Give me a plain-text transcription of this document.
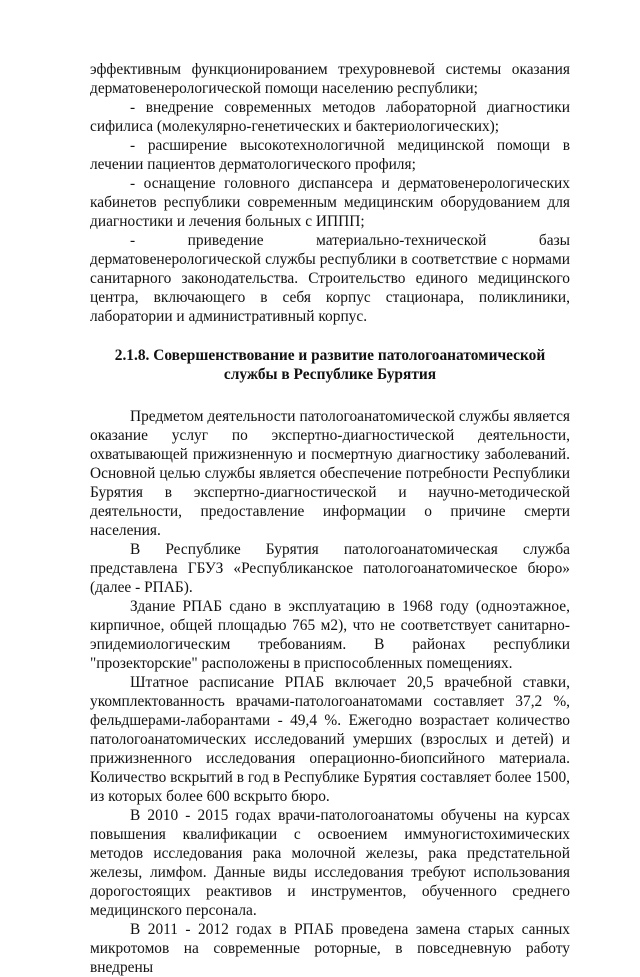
эффективным функционированием трехуровневой системы оказания дерматовенерологической помощи населению республики;

- внедрение современных методов лабораторной диагностики сифилиса (молекулярно-генетических и бактериологических);

- расширение высокотехнологичной медицинской помощи в лечении пациентов дерматологического профиля;

- оснащение головного диспансера и дерматовенерологических кабинетов республики современным медицинским оборудованием для диагностики и лечения больных с ИППП;

- приведение материально-технической базы дерматовенерологической службы республики в соответствие с нормами санитарного законодательства. Строительство единого медицинского центра, включающего в себя корпус стационара, поликлиники, лаборатории и административный корпус.

2.1.8. Совершенствование и развитие патологоанатомической
службы в Республике Бурятия

Предметом деятельности патологоанатомической службы является оказание услуг по экспертно-диагностической деятельности, охватывающей прижизненную и посмертную диагностику заболеваний. Основной целью службы является обеспечение потребности Республики Бурятия в экспертно-диагностической и научно-методической деятельности, предоставление информации о причине смерти населения.

В Республике Бурятия патологоанатомическая служба представлена ГБУЗ «Республиканское патологоанатомическое бюро» (далее - РПАБ).

Здание РПАБ сдано в эксплуатацию в 1968 году (одноэтажное, кирпичное, общей площадью 765 м2), что не соответствует санитарно-эпидемиологическим требованиям. В районах республики "прозекторские" расположены в приспособленных помещениях.

Штатное расписание РПАБ включает 20,5 врачебной ставки, укомплектованность врачами-патологоанатомами составляет 37,2 %, фельдшерами-лаборантами - 49,4 %. Ежегодно возрастает количество патологоанатомических исследований умерших (взрослых и детей) и прижизненного исследования операционно-биопсийного материала. Количество вскрытий в год в Республике Бурятия составляет более 1500, из которых более 600 вскрыто бюро.

В 2010 - 2015 годах врачи-патологоанатомы обучены на курсах повышения квалификации с освоением иммуногистохимических методов исследования рака молочной железы, рака предстательной железы, лимфом. Данные виды исследования требуют использования дорогостоящих реактивов и инструментов, обученного среднего медицинского персонала.

В 2011 - 2012 годах в РПАБ проведена замена старых санных микротомов на современные роторные, в повседневную работу внедрены
